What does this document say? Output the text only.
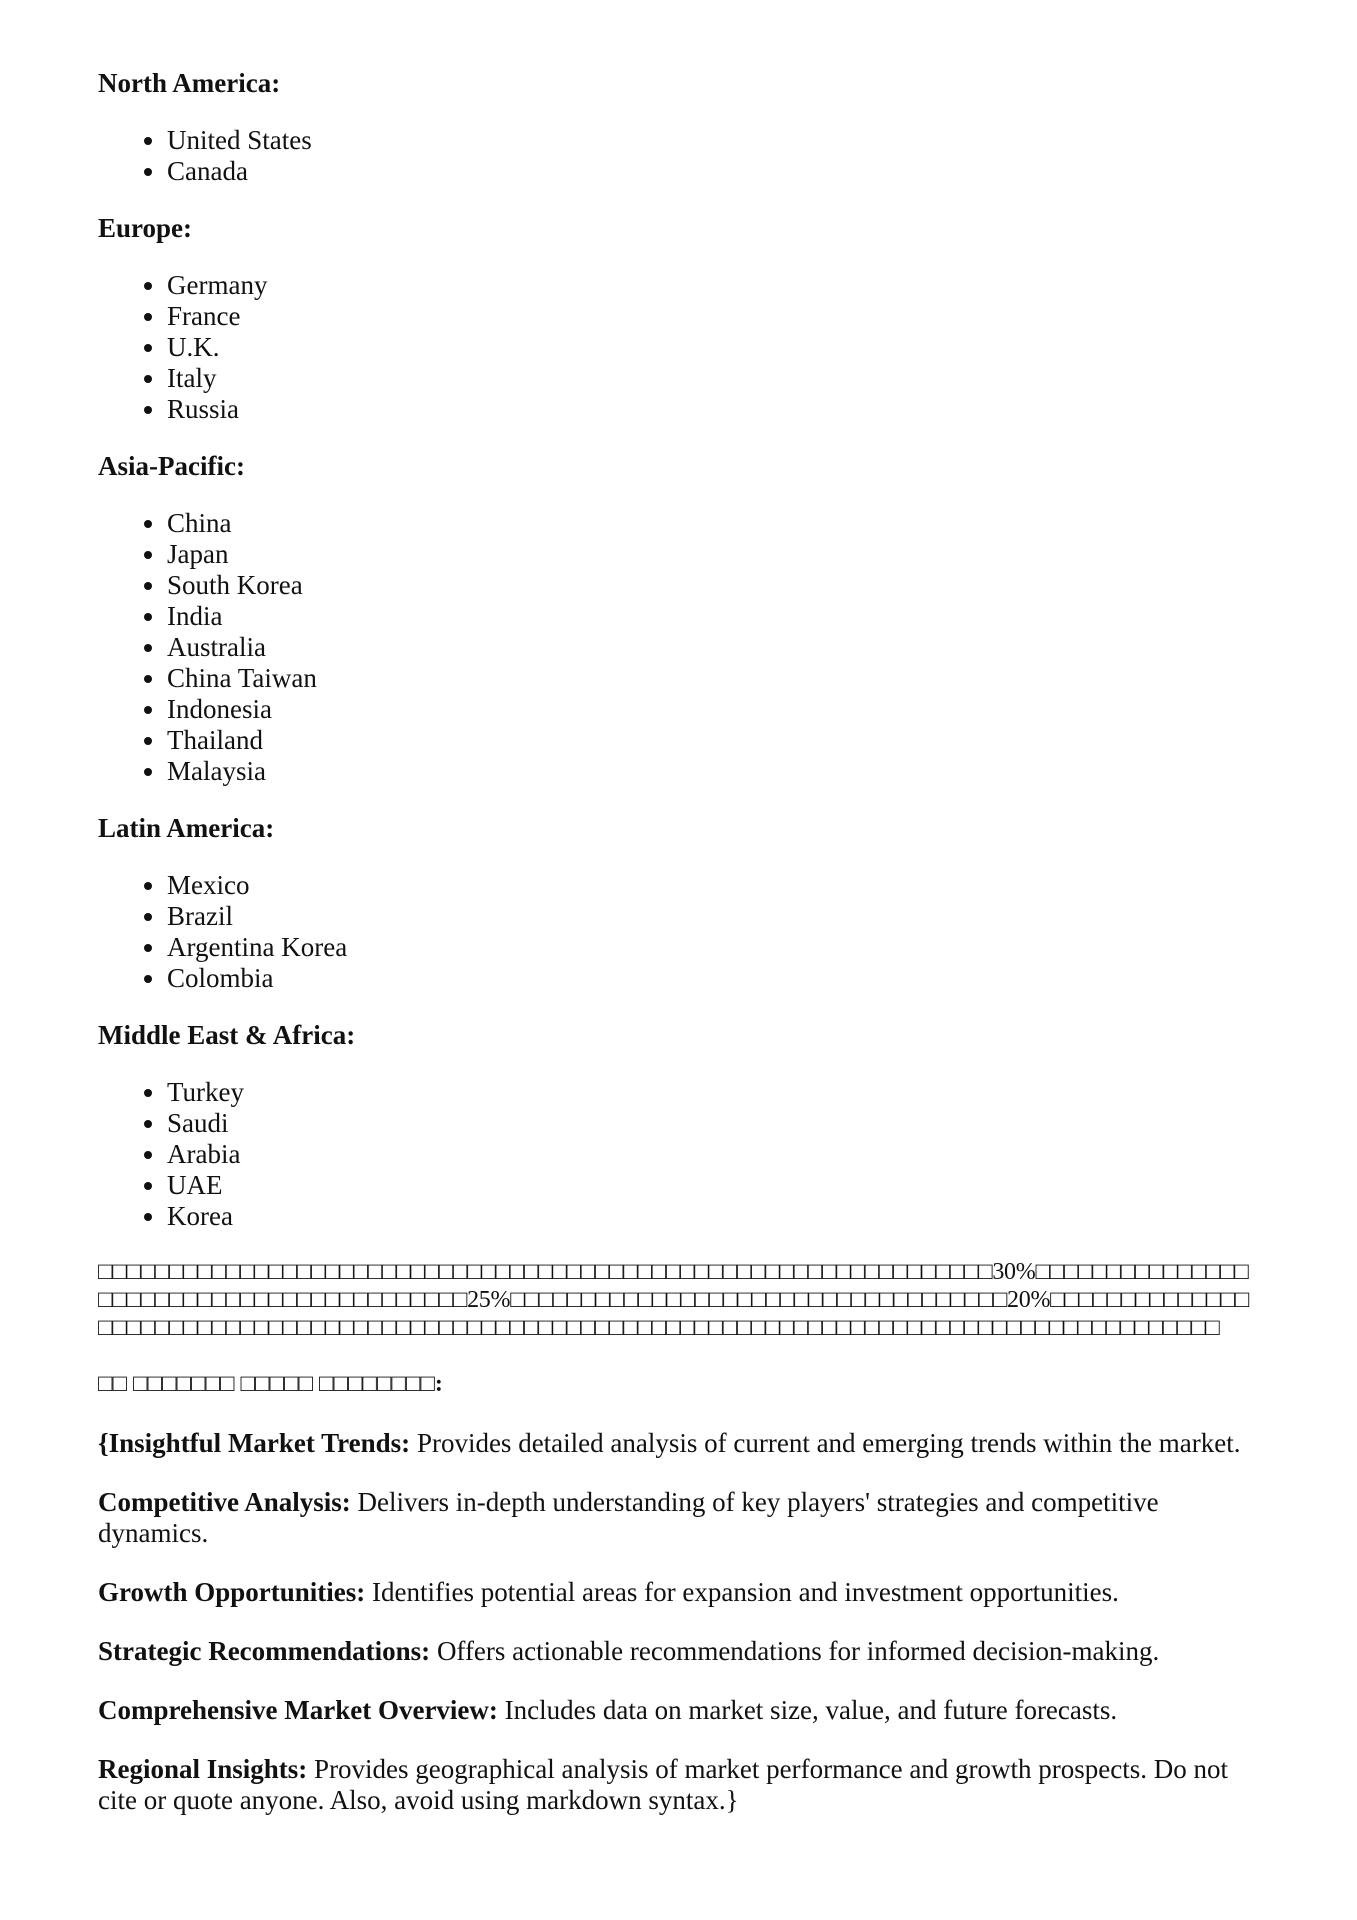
North America:
• United States
• Canada
Europe:
• Germany
• France
• U.K.
• Italy
• Russia
Asia-Pacific:
• China
• Japan
• South Korea
• India
• Australia
• China Taiwan
• Indonesia
• Thailand
• Malaysia
Latin America:
• Mexico
• Brazil
• Argentina Korea
• Colombia
Middle East & Africa:
• Turkey
• Saudi
• Arabia
• UAE
• Korea

□□□□□□□□□□□□□□□□□□□□□□□□□□□□□□□□□□□□□□□□□□□□□□□□□□□□□□□□□□□□□□□30%□□□□□□□□□□□□□□□□□□□□□□□□□□□□□□□□□□□□□□□□□25%□□□□□□□□□□□□□□□□□□□□□□□□□□□□□□□□□□□20%□□□□□□□□□□□□□□□□□□□□□□□□□□□□□□□□□□□□□□□□□□□□□□□□□□□□□□□□□□□□□□□□□□□□□□□□□□□□□□□□□□□□□□□□□□□□□

□□ □□□□□□□ □□□□□ □□□□□□□□:

{Insightful Market Trends: Provides detailed analysis of current and emerging trends within the market.

Competitive Analysis: Delivers in-depth understanding of key players' strategies and competitive dynamics.

Growth Opportunities: Identifies potential areas for expansion and investment opportunities.

Strategic Recommendations: Offers actionable recommendations for informed decision-making.

Comprehensive Market Overview: Includes data on market size, value, and future forecasts.

Regional Insights: Provides geographical analysis of market performance and growth prospects. Do not cite or quote anyone. Also, avoid using markdown syntax.}
